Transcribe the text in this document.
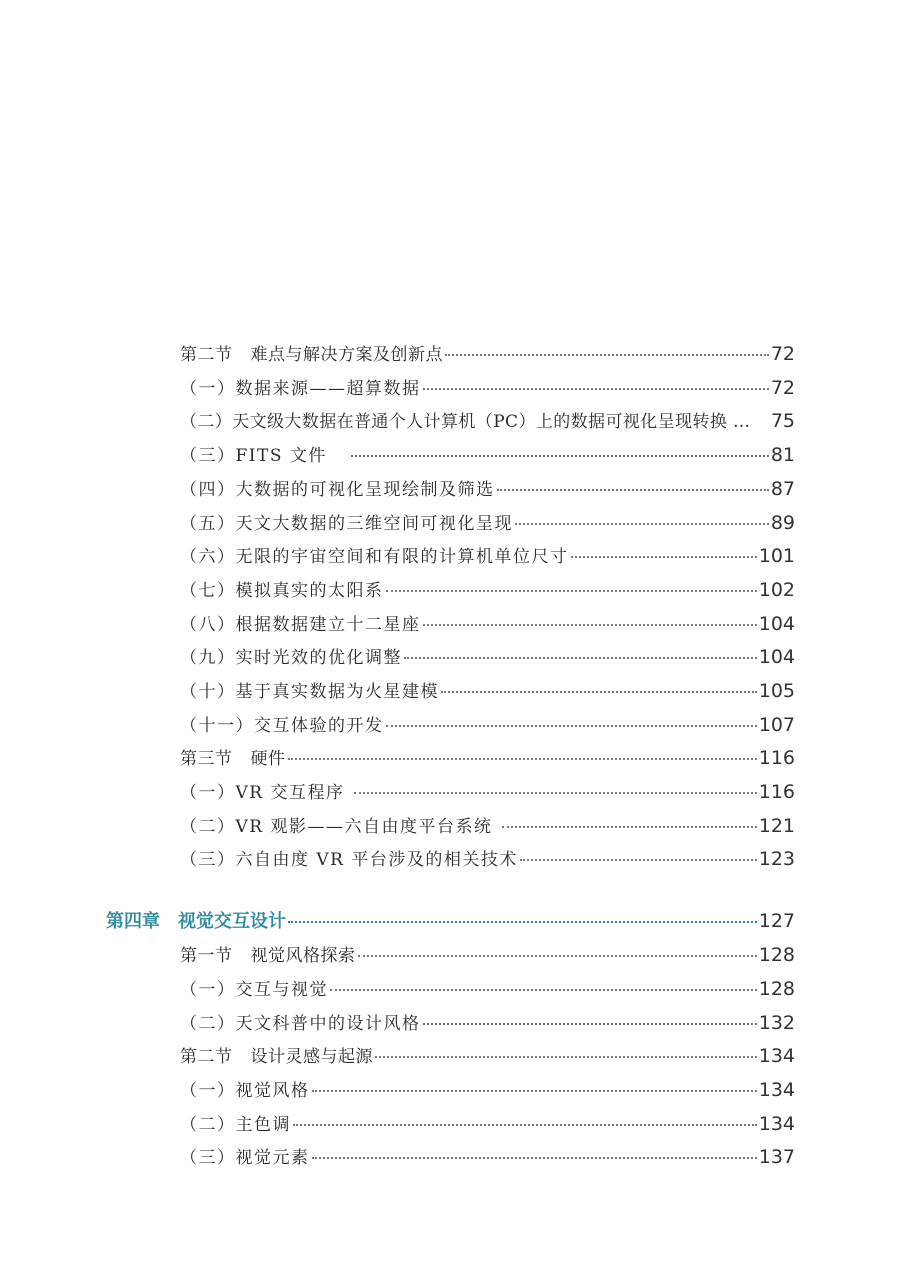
第二节 难点与解决方案及创新点	72
（一）数据来源——超算数据	72
（二）天文级大数据在普通个人计算机（PC）上的数据可视化呈现转换 … 75
（三）FITS 文件	81
（四）大数据的可视化呈现绘制及筛选	87
（五）天文大数据的三维空间可视化呈现	89
（六）无限的宇宙空间和有限的计算机单位尺寸	101
（七）模拟真实的太阳系	102
（八）根据数据建立十二星座	104
（九）实时光效的优化调整	104
（十）基于真实数据为火星建模	105
（十一）交互体验的开发	107
第三节 硬件	116
（一）VR 交互程序	116
（二）VR 观影——六自由度平台系统	121
（三）六自由度 VR 平台涉及的相关技术	123
第四章 视觉交互设计	127
第一节 视觉风格探索	128
（一）交互与视觉	128
（二）天文科普中的设计风格	132
第二节 设计灵感与起源	134
（一）视觉风格	134
（二）主色调	134
（三）视觉元素	137
